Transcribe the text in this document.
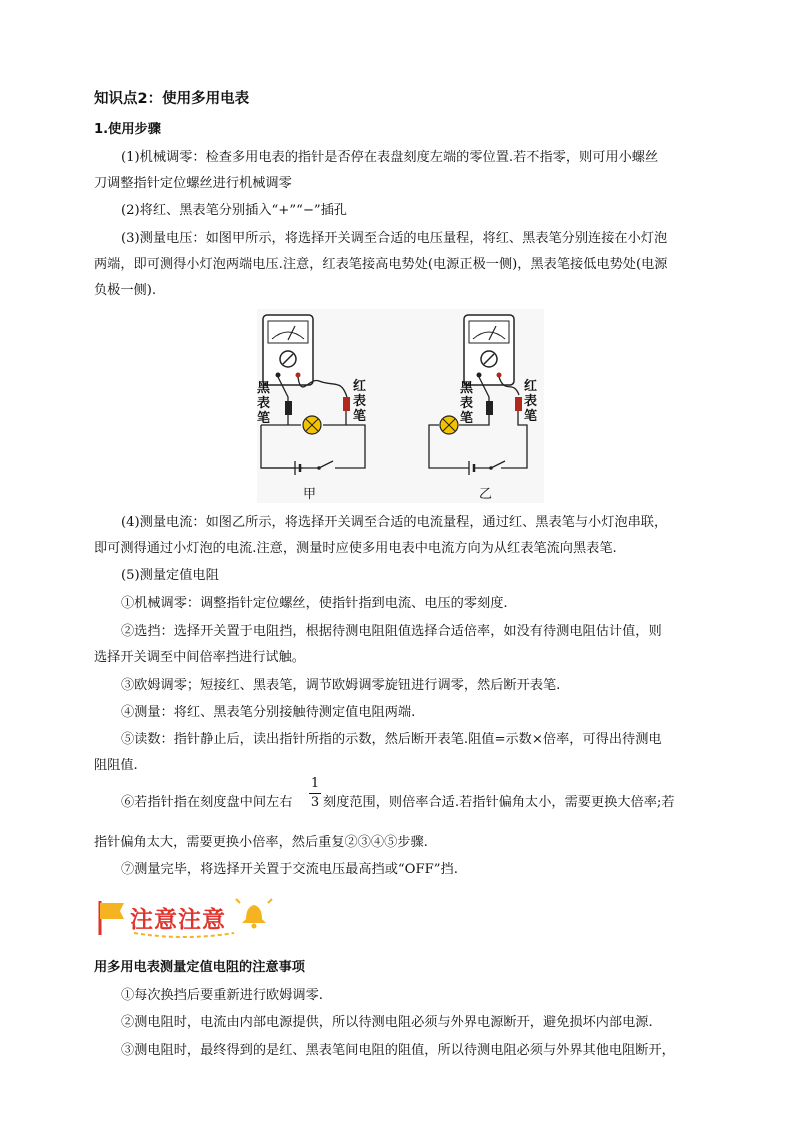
知识点2：使用多用电表
1.使用步骤
(1)机械调零：检查多用电表的指针是否停在表盘刻度左端的零位置.若不指零，则可用小螺丝
刀调整指针定位螺丝进行机械调零
(2)将红、黑表笔分别插入“+”“−”插孔
(3)测量电压：如图甲所示，将选择开关调至合适的电压量程，将红、黑表笔分别连接在小灯泡
两端，即可测得小灯泡两端电压.注意，红表笔接高电势处(电源正极一侧)，黑表笔接低电势处(电源
负极一侧).
黑表笔
红表笔
甲
黑表笔
红表笔
乙
(4)测量电流：如图乙所示，将选择开关调至合适的电流量程，通过红、黑表笔与小灯泡串联，
即可测得通过小灯泡的电流.注意，测量时应使多用电表中电流方向为从红表笔流向黑表笔.
(5)测量定值电阻
①机械调零：调整指针定位螺丝，使指针指到电流、电压的零刻度.
②选挡：选择开关置于电阻挡，根据待测电阻阻值选择合适倍率，如没有待测电阻估计值，则
选择开关调至中间倍率挡进行试触。
③欧姆调零；短接红、黑表笔，调节欧姆调零旋钮进行调零，然后断开表笔.
④测量：将红、黑表笔分别接触待测定值电阻两端.
⑤读数：指针静止后，读出指针所指的示数，然后断开表笔.阻值=示数×倍率，可得出待测电
阻阻值.
⑥若指针指在刻度盘中间左右
1
3 刻度范围，则倍率合适.若指针偏角太小，需要更换大倍率;若
指针偏角太大，需要更换小倍率，然后重复②③④⑤步骤.
⑦测量完毕，将选择开关置于交流电压最高挡或“OFF”挡.
注意注意
用多用电表测量定值电阻的注意事项
①每次换挡后要重新进行欧姆调零.
②测电阻时，电流由内部电源提供，所以待测电阻必须与外界电源断开，避免损坏内部电源.
③测电阻时，最终得到的是红、黑表笔间电阻的阻值，所以待测电阻必须与外界其他电阻断开，
